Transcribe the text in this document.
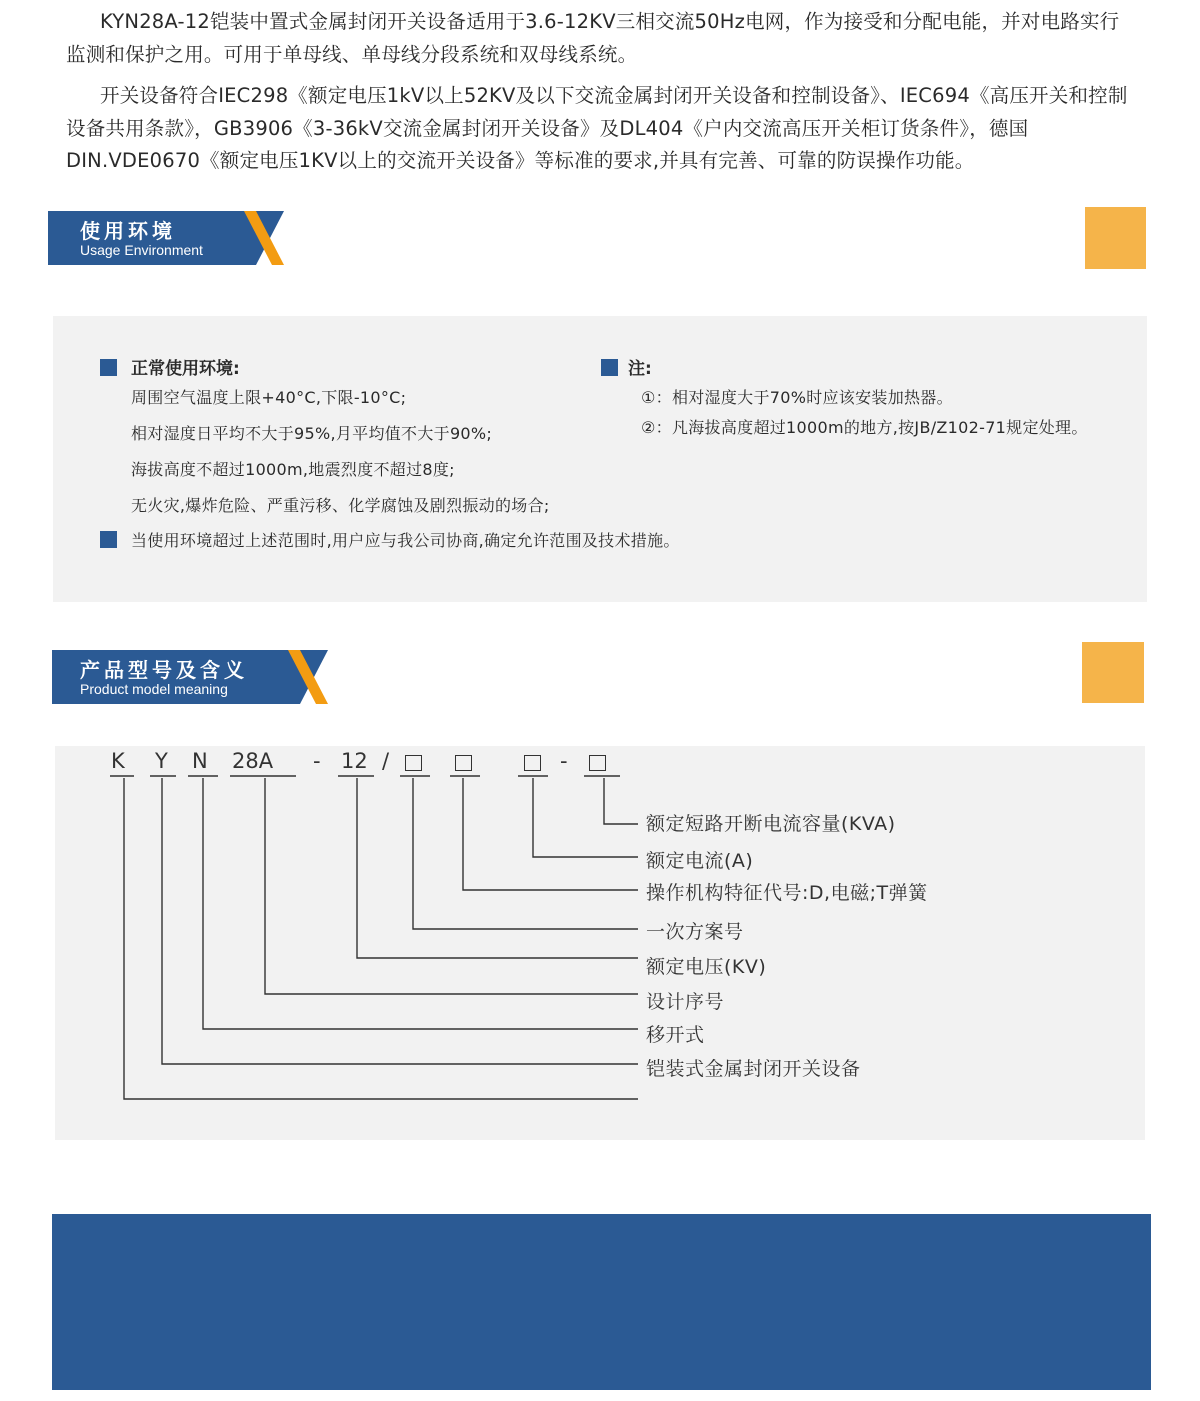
KYN28A-12铠装中置式金属封闭开关设备适用于3.6-12KV三相交流50Hz电网，作为接受和分配电能，并对电路实行监测和保护之用。可用于单母线、单母线分段系统和双母线系统。

开关设备符合IEC298《额定电压1kV以上52KV及以下交流金属封闭开关设备和控制设备》、IEC694《高压开关和控制设备共用条款》，GB3906《3-36kV交流金属封闭开关设备》及DL404《户内交流高压开关柜订货条件》，德国DIN.VDE0670《额定电压1KV以上的交流开关设备》等标准的要求,并具有完善、可靠的防误操作功能。

使用环境
Usage Environment
正常使用环境:
周围空气温度上限+40°C,下限-10°C;
相对湿度日平均不大于95%,月平均值不大于90%;
海拔高度不超过1000m,地震烈度不超过8度;
无火灾,爆炸危险、严重污移、化学腐蚀及剧烈振动的场合;
当使用环境超过上述范围时,用户应与我公司协商,确定允许范围及技术措施。
注:
①：相对湿度大于70%时应该安装加热器。
②：凡海拔高度超过1000m的地方,按JB/Z102-71规定处理。
产品型号及含义
Product model meaning
K Y N 28A - 12 /	-
额定短路开断电流容量(KVA)
额定电流(A)
操作机构特征代号:D,电磁;T弹簧
一次方案号
额定电压(KV)
设计序号
移开式
铠装式金属封闭开关设备
